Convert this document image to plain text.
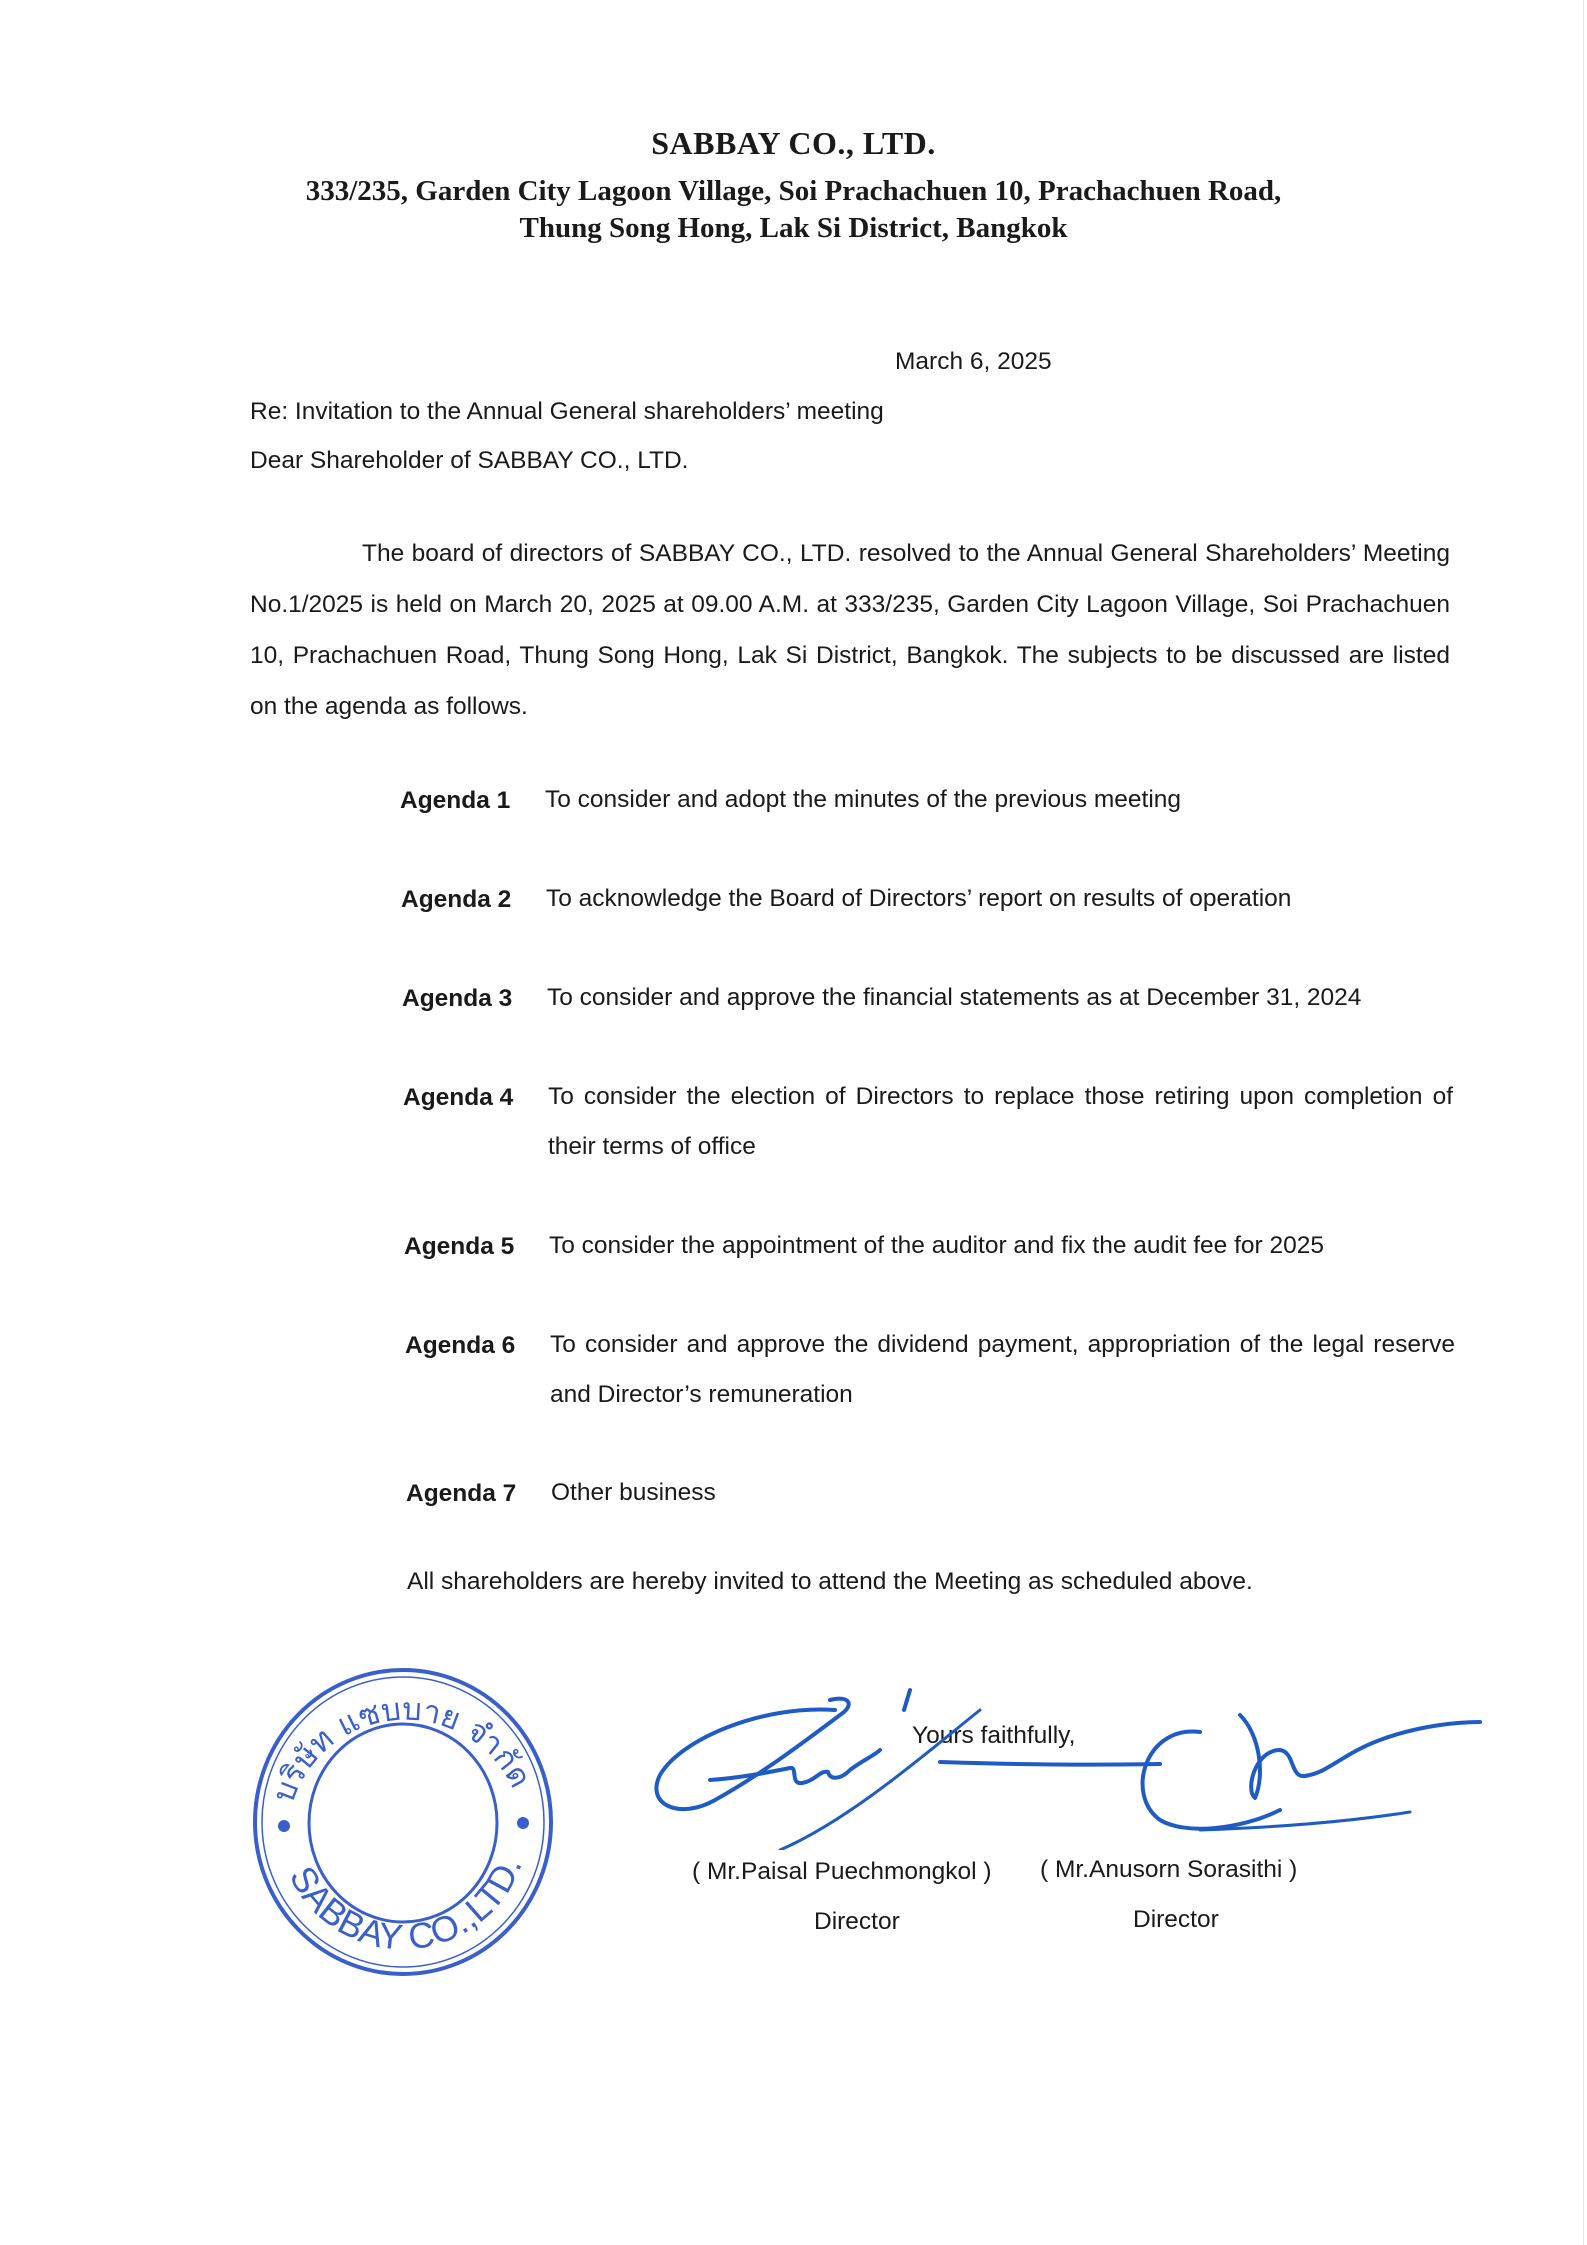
SABBAY CO., LTD.
333/235, Garden City Lagoon Village, Soi Prachachuen 10, Prachachuen Road,
Thung Song Hong, Lak Si District, Bangkok
March 6, 2025
Re: Invitation to the Annual General shareholders’ meeting
Dear Shareholder of SABBAY CO., LTD.

The board of directors of SABBAY CO., LTD. resolved to the Annual General Shareholders’ Meeting No.1/2025 is held on March 20, 2025 at 09.00 A.M. at 333/235, Garden City Lagoon Village, Soi Prachachuen 10, Prachachuen Road, Thung Song Hong, Lak Si District, Bangkok. The subjects to be discussed are listed on the agenda as follows.

Agenda 1 To consider and adopt the minutes of the previous meeting
Agenda 2 To acknowledge the Board of Directors’ report on results of operation
Agenda 3 To consider and approve the financial statements as at December 31, 2024
Agenda 4 To consider the election of Directors to replace those retiring upon completion of their terms of office
Agenda 5 To consider the appointment of the auditor and fix the audit fee for 2025
Agenda 6 To consider and approve the dividend payment, appropriation of the legal reserve and Director’s remuneration
Agenda 7 Other business
All shareholders are hereby invited to attend the Meeting as scheduled above.
บริษัท แซบบาย จำกัด
SABBAY CO.,LTD.
Yours faithfully,
( Mr.Paisal Puechmongkol ) ( Mr.Anusorn Sorasithi )
Director	Director
